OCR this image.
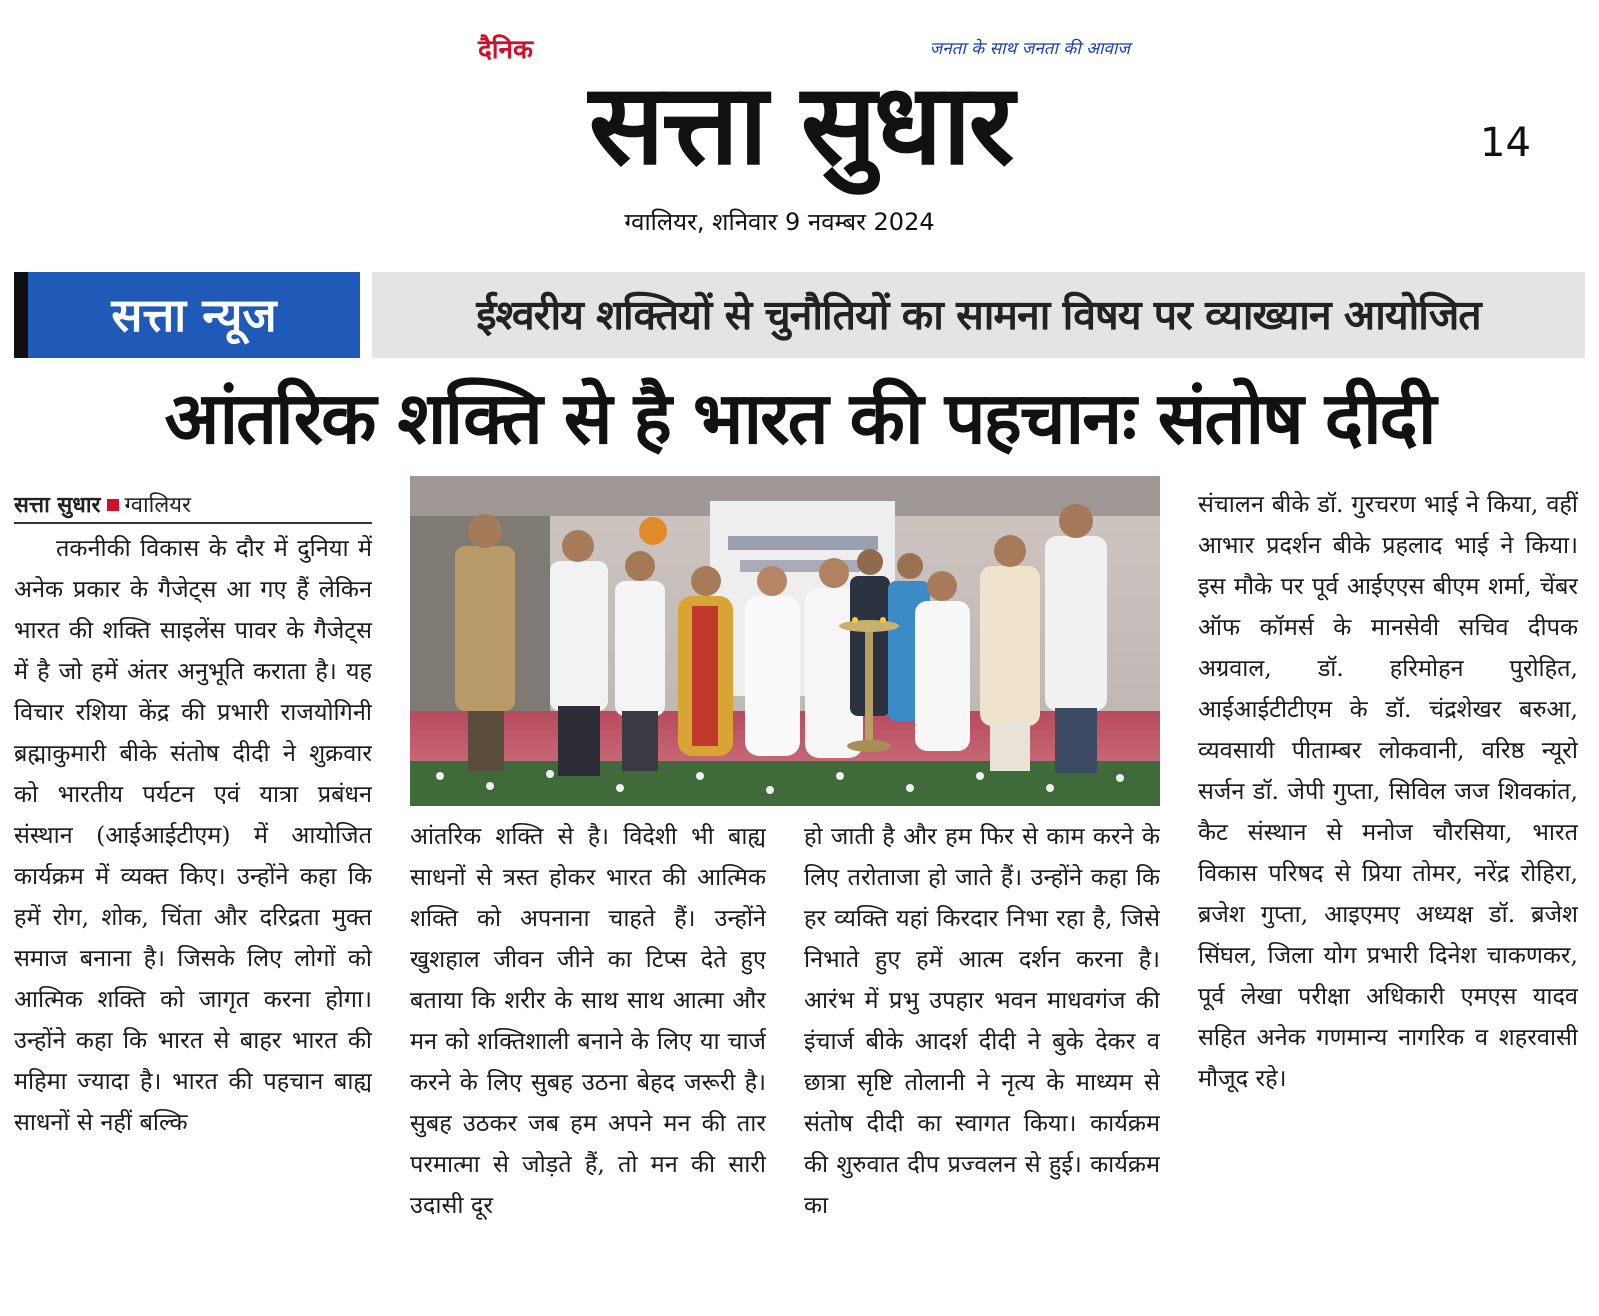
दैनिक	जनता के साथ जनता की आवाज
सत्ता सुधार	14
ग्वालियर, शनिवार 9 नवम्बर 2024
सत्ता न्यूज	ईश्वरीय शक्तियों से चुनौतियों का सामना विषय पर व्याख्यान आयोजित
आंतरिक शक्ति से है भारत की पहचानः संतोष दीदी
सत्ता सुधार ग्वालियर

तकनीकी विकास के दौर में दुनिया में अनेक प्रकार के गैजेट्स आ गए हैं लेकिन भारत की शक्ति साइलेंस पावर के गैजेट्स में है जो हमें अंतर अनुभूति कराता है। यह विचार रशिया केंद्र की प्रभारी राजयोगिनी ब्रह्माकुमारी बीके संतोष दीदी ने शुक्रवार को भारतीय पर्यटन एवं यात्रा प्रबंधन संस्थान (आईआईटीएम) में आयोजित कार्यक्रम में व्यक्त किए। उन्होंने कहा कि हमें रोग, शोक, चिंता और दरिद्रता मुक्त समाज बनाना है। जिसके लिए लोगों को आत्मिक शक्ति को जागृत करना होगा। उन्होंने कहा कि भारत से बाहर भारत की महिमा ज्यादा है। भारत की पहचान बाह्य साधनों से नहीं बल्कि

आंतरिक शक्ति से है। विदेशी भी बाह्य साधनों से त्रस्त होकर भारत की आत्मिक शक्ति को अपनाना चाहते हैं। उन्होंने खुशहाल जीवन जीने का टिप्स देते हुए बताया कि शरीर के साथ साथ आत्मा और मन को शक्तिशाली बनाने के लिए या चार्ज करने के लिए सुबह उठना बेहद जरूरी है। सुबह उठकर जब हम अपने मन की तार परमात्मा से जोड़ते हैं, तो मन की सारी उदासी दूर

हो जाती है और हम फिर से काम करने के लिए तरोताजा हो जाते हैं। उन्होंने कहा कि हर व्यक्ति यहां किरदार निभा रहा है, जिसे निभाते हुए हमें आत्म दर्शन करना है। आरंभ में प्रभु उपहार भवन माधवगंज की इंचार्ज बीके आदर्श दीदी ने बुके देकर व छात्रा सृष्टि तोलानी ने नृत्य के माध्यम से संतोष दीदी का स्वागत किया। कार्यक्रम की शुरुवात दीप प्रज्वलन से हुई। कार्यक्रम का

संचालन बीके डॉ. गुरचरण भाई ने किया, वहीं आभार प्रदर्शन बीके प्रहलाद भाई ने किया। इस मौके पर पूर्व आईएएस बीएम शर्मा, चेंबर ऑफ कॉमर्स के मानसेवी सचिव दीपक अग्रवाल, डॉ. हरिमोहन पुरोहित, आईआईटीटीएम के डॉ. चंद्रशेखर बरुआ, व्यवसायी पीताम्बर लोकवानी, वरिष्ठ न्यूरो सर्जन डॉ. जेपी गुप्ता, सिविल जज शिवकांत, कैट संस्थान से मनोज चौरसिया, भारत विकास परिषद से प्रिया तोमर, नरेंद्र रोहिरा, ब्रजेश गुप्ता, आइएमए अध्यक्ष डॉ. ब्रजेश सिंघल, जिला योग प्रभारी दिनेश चाकणकर, पूर्व लेखा परीक्षा अधिकारी एमएस यादव सहित अनेक गणमान्य नागरिक व शहरवासी मौजूद रहे।
